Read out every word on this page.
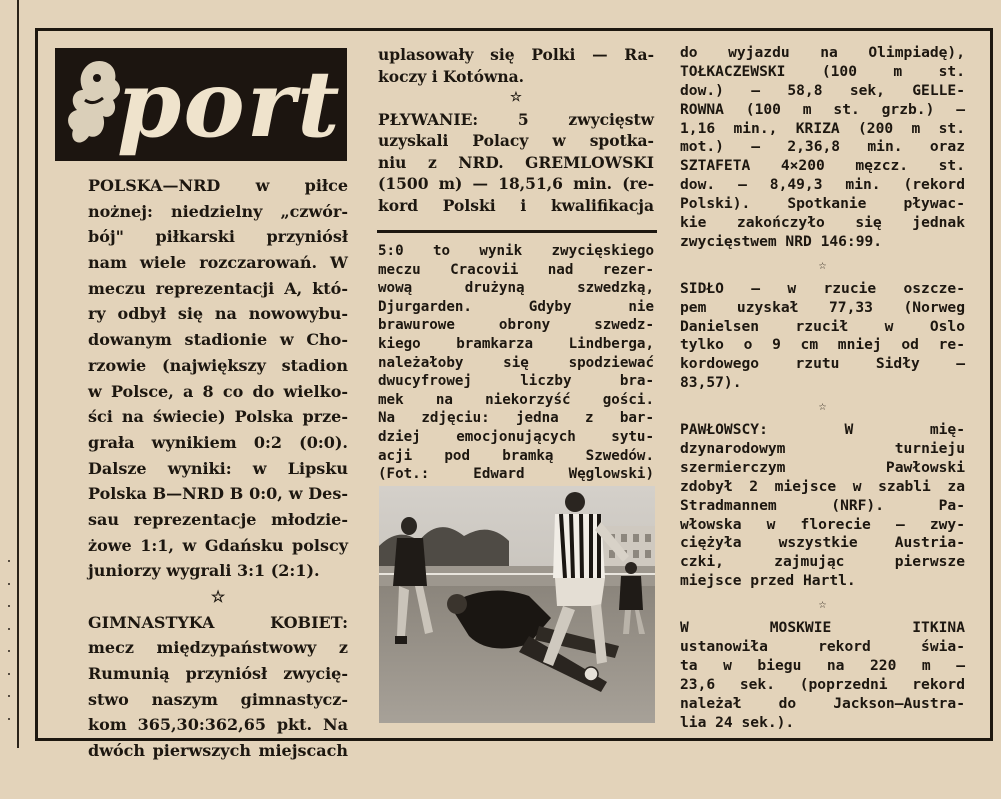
port
POLSKA—NRD w piłce
nożnej: niedzielny „czwór-
bój" piłkarski przyniósł
nam wiele rozczarowań. W
meczu reprezentacji A, któ-
ry odbył się na nowowybu-
dowanym stadionie w Cho-
rzowie (największy stadion
w Polsce, a 8 co do wielko-
ści na świecie) Polska prze-
grała wynikiem 0:2 (0:0).
Dalsze wyniki: w Lipsku
Polska B—NRD B 0:0, w Des-
sau reprezentacje młodzie-
żowe 1:1, w Gdańsku polscy
juniorzy wygrali 3:1 (2:1).
☆
GIMNASTYKA KOBIET:
mecz międzypaństwowy z
Rumunią przyniósł zwycię-
stwo naszym gimnastycz-
kom 365,30:362,65 pkt. Na
dwóch pierwszych miejscach
uplasowały się Polki — Ra-
koczy i Kotówna.
☆
PŁYWANIE: 5 zwycięstw
uzyskali Polacy w spotka-
niu z NRD. GREMLOWSKI
(1500 m) — 18,51,6 min. (re-
kord Polski i kwalifikacja
5:0 to wynik zwycięskiego
meczu Cracovii nad rezer-
wową drużyną szwedzką,
Djurgarden. Gdyby nie
brawurowe obrony szwedz-
kiego bramkarza Lindberga,
należałoby się spodziewać
dwucyfrowej liczby bra-
mek na niekorzyść gości.
Na zdjęciu: jedna z bar-
dziej emocjonujących sytu-
acji pod bramką Szwedów.
(Fot.: Edward Węglowski)
do wyjazdu na Olimpiadę),
TOŁKACZEWSKI (100 m st.
dow.) — 58,8 sek, GELLE-
ROWNA (100 m st. grzb.) —
1,16 min., KRIZA (200 m st.
mot.) — 2,36,8 min. oraz
SZTAFETA 4×200 męzcz. st.
dow. — 8,49,3 min. (rekord
Polski). Spotkanie pływac-
kie zakończyło się jednak
zwycięstwem NRD 146:99.
☆
SIDŁO — w rzucie oszcze-
pem uzyskał 77,33 (Norweg
Danielsen rzucił w Oslo
tylko o 9 cm mniej od re-
kordowego rzutu Sidły —
83,57).
☆
PAWŁOWSCY: W mię-
dzynarodowym turnieju
szermierczym Pawłowski
zdobył 2 miejsce w szabli za
Stradmannem (NRF). Pa-
włowska w florecie — zwy-
ciężyła wszystkie Austria-
czki, zajmując pierwsze
miejsce przed Hartl.
☆
W MOSKWIE ITKINA
ustanowiła rekord świa-
ta w biegu na 220 m —
23,6 sek. (poprzedni rekord
należał do Jackson—Austra-
lia 24 sek.).
